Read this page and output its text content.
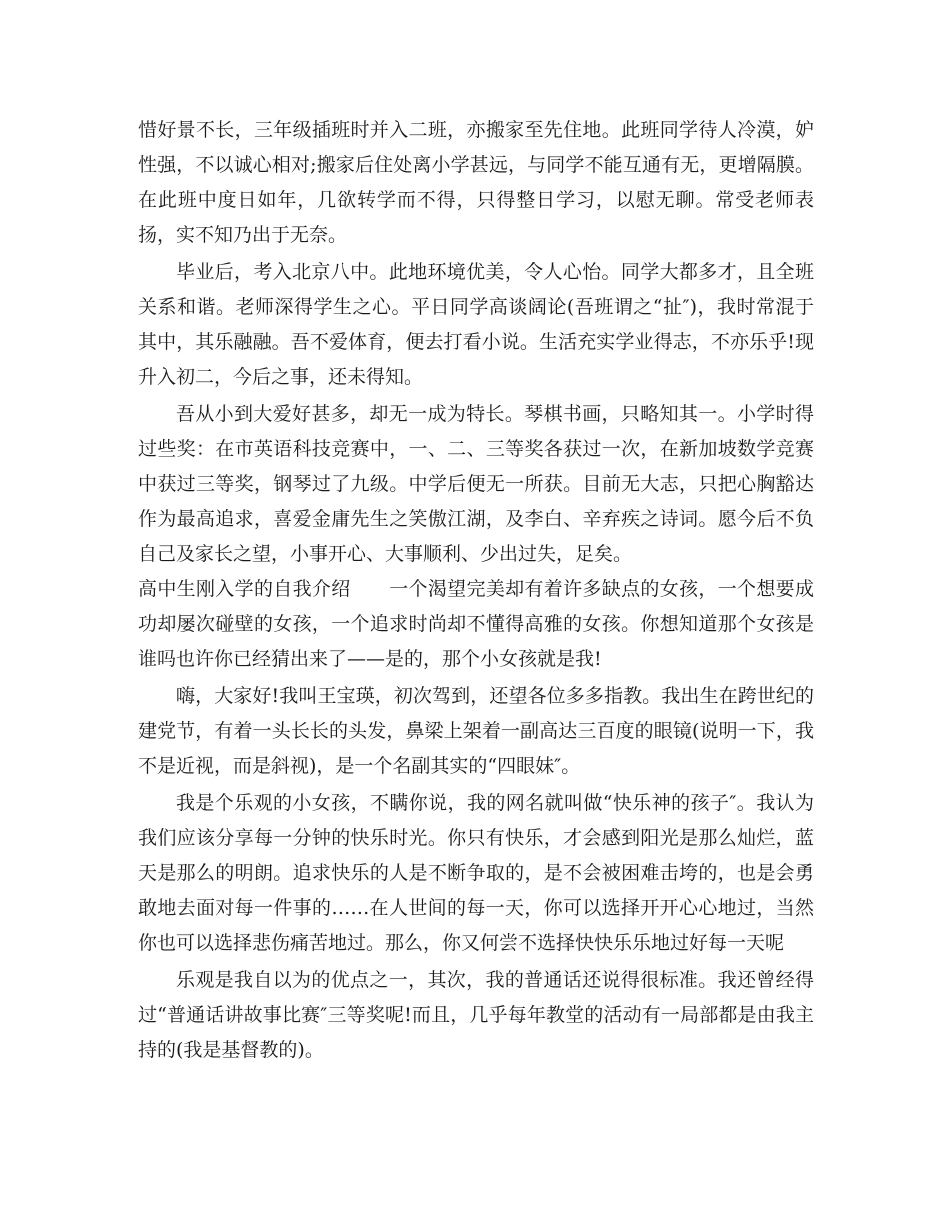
惜好景不长，三年级插班时并入二班，亦搬家至先住地。此班同学待人冷漠，妒性强，不以诚心相对;搬家后住处离小学甚远，与同学不能互通有无，更增隔膜。在此班中度日如年，几欲转学而不得，只得整日学习，以慰无聊。常受老师表扬，实不知乃出于无奈。

毕业后，考入北京八中。此地环境优美，令人心怡。同学大都多才，且全班关系和谐。老师深得学生之心。平日同学高谈阔论(吾班谓之“扯″)，我时常混于其中，其乐融融。吾不爱体育，便去打看小说。生活充实学业得志，不亦乐乎!现升入初二，今后之事，还未得知。

吾从小到大爱好甚多，却无一成为特长。琴棋书画，只略知其一。小学时得过些奖：在市英语科技竞赛中，一、二、三等奖各获过一次，在新加坡数学竞赛中获过三等奖，钢琴过了九级。中学后便无一所获。目前无大志，只把心胸豁达作为最高追求，喜爱金庸先生之笑傲江湖，及李白、辛弃疾之诗词。愿今后不负自己及家长之望，小事开心、大事顺利、少出过失，足矣。

高中生刚入学的自我介绍　　一个渴望完美却有着许多缺点的女孩，一个想要成功却屡次碰壁的女孩，一个追求时尚却不懂得高雅的女孩。你想知道那个女孩是谁吗也许你已经猜出来了——是的，那个小女孩就是我!

嗨，大家好!我叫王宝瑛，初次驾到，还望各位多多指教。我出生在跨世纪的建党节，有着一头长长的头发，鼻梁上架着一副高达三百度的眼镜(说明一下，我不是近视，而是斜视)，是一个名副其实的“四眼妹″。

我是个乐观的小女孩，不瞒你说，我的网名就叫做“快乐神的孩子″。我认为我们应该分享每一分钟的快乐时光。你只有快乐，才会感到阳光是那么灿烂，蓝天是那么的明朗。追求快乐的人是不断争取的，是不会被困难击垮的，也是会勇敢地去面对每一件事的……在人世间的每一天，你可以选择开开心心地过，当然你也可以选择悲伤痛苦地过。那么，你又何尝不选择快快乐乐地过好每一天呢

乐观是我自以为的优点之一，其次，我的普通话还说得很标准。我还曾经得过“普通话讲故事比赛″三等奖呢!而且，几乎每年教堂的活动有一局部都是由我主持的(我是基督教的)。
